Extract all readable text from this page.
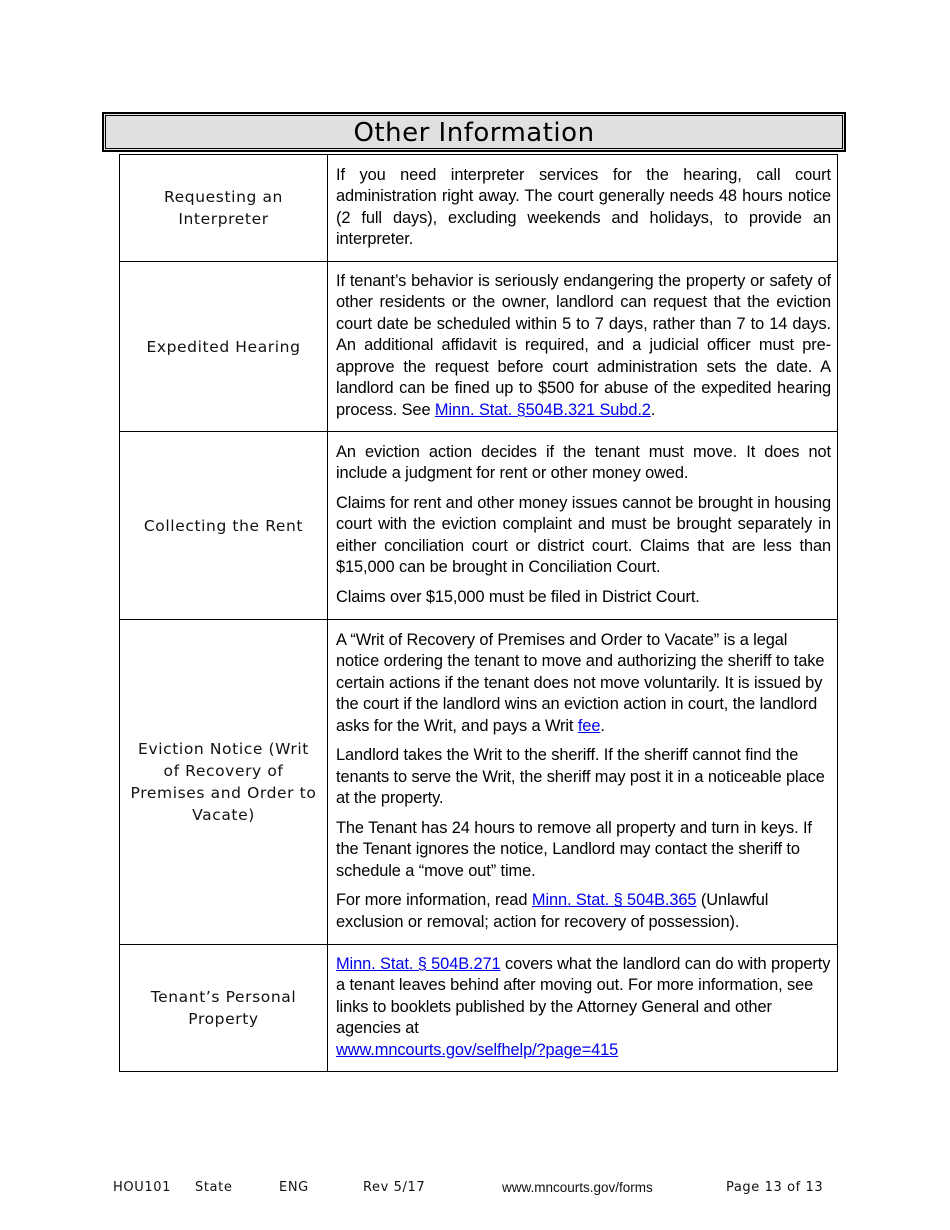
Other Information
Requesting an Interpreter	If you need interpreter services for the hearing, call court administration right away. The court generally needs 48 hours notice (2 full days), excluding weekends and holidays, to provide an interpreter.
Expedited Hearing	If tenant’s behavior is seriously endangering the property or safety of other residents or the owner, landlord can request that the eviction court date be scheduled within 5 to 7 days, rather than 7 to 14 days. An additional affidavit is required, and a judicial officer must pre-approve the request before court administration sets the date. A landlord can be fined up to $500 for abuse of the expedited hearing process. See Minn. Stat. §504B.321 Subd.2.
Collecting the Rent	An eviction action decides if the tenant must move. It does not include a judgment for rent or other money owed.

Claims for rent and other money issues cannot be brought in housing court with the eviction complaint and must be brought separately in either conciliation court or district court. Claims that are less than $15,000 can be brought in Conciliation Court.

Claims over $15,000 must be filed in District Court.

Eviction Notice (Writ of Recovery of Premises and Order to Vacate)	A “Writ of Recovery of Premises and Order to Vacate” is a legal notice ordering the tenant to move and authorizing the sheriff to take certain actions if the tenant does not move voluntarily. It is issued by the court if the landlord wins an eviction action in court, the landlord asks for the Writ, and pays a Writ fee.

Landlord takes the Writ to the sheriff. If the sheriff cannot find the tenants to serve the Writ, the sheriff may post it in a noticeable place at the property.

The Tenant has 24 hours to remove all property and turn in keys. If the Tenant ignores the notice, Landlord may contact the sheriff to schedule a “move out” time.

For more information, read Minn. Stat. § 504B.365 (Unlawful exclusion or removal; action for recovery of possession).

Tenant’s Personal Property	Minn. Stat. § 504B.271 covers what the landlord can do with property a tenant leaves behind after moving out. For more information, see links to booklets published by the Attorney General and other agencies at
www.mncourts.gov/selfhelp/?page=415

HOU101 State	ENG	Rev 5/17	www.mncourts.gov/forms	Page 13 of 13
